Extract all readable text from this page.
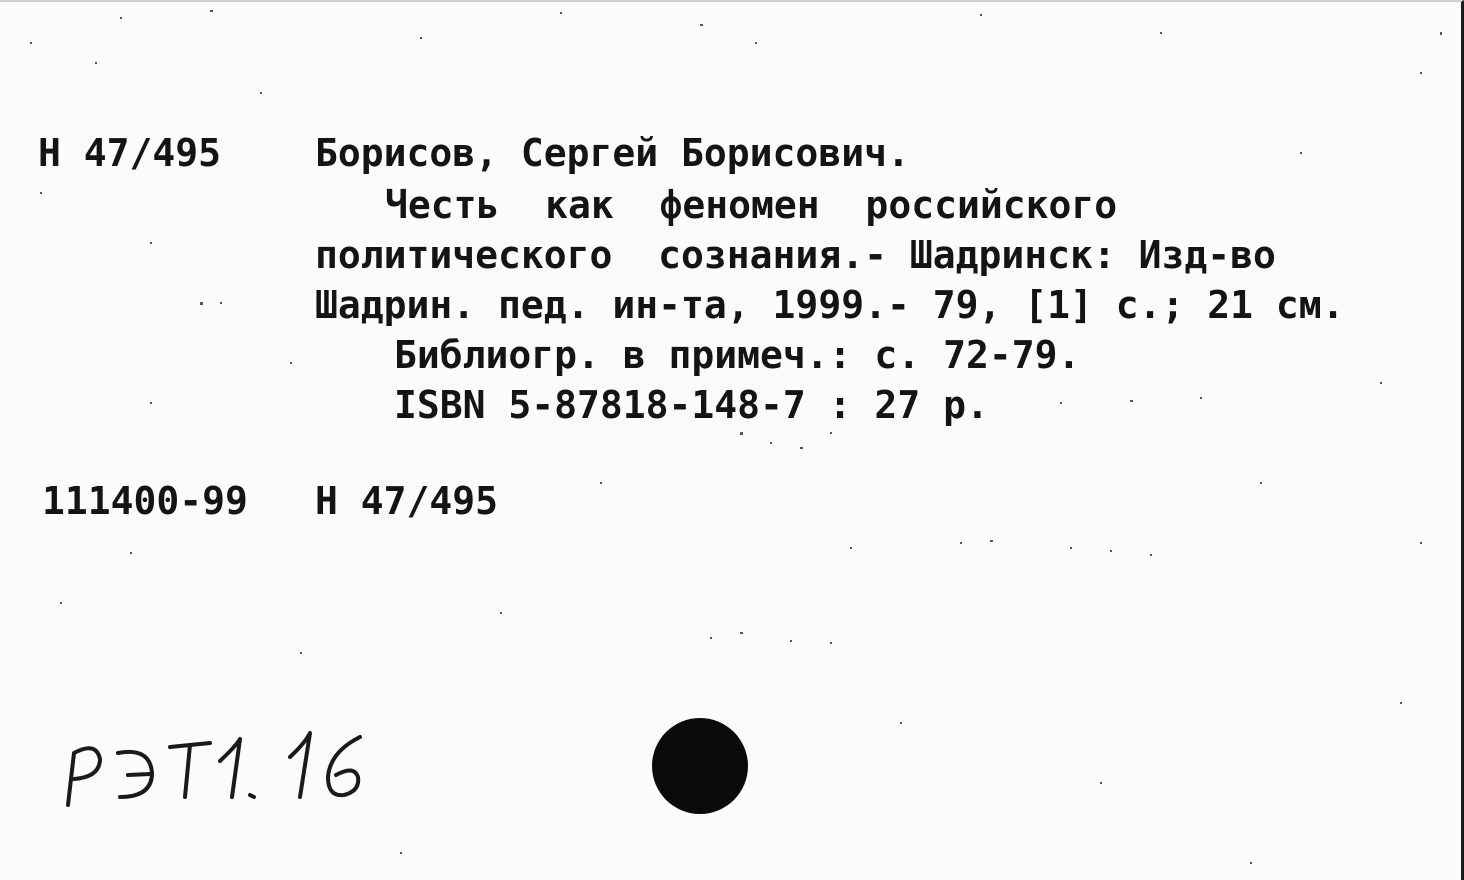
Н 47/495 Борисов, Сергей Борисович.
Честь  как  феномен  российского
политического  сознания.- Шадринск: Изд-во
Шадрин. пед. ин-та, 1999.- 79, [1] с.; 21 см.
Библиогр. в примеч.: с. 72-79.
ISBN 5-87818-148-7 : 27 р.
111400-99 Н 47/495
